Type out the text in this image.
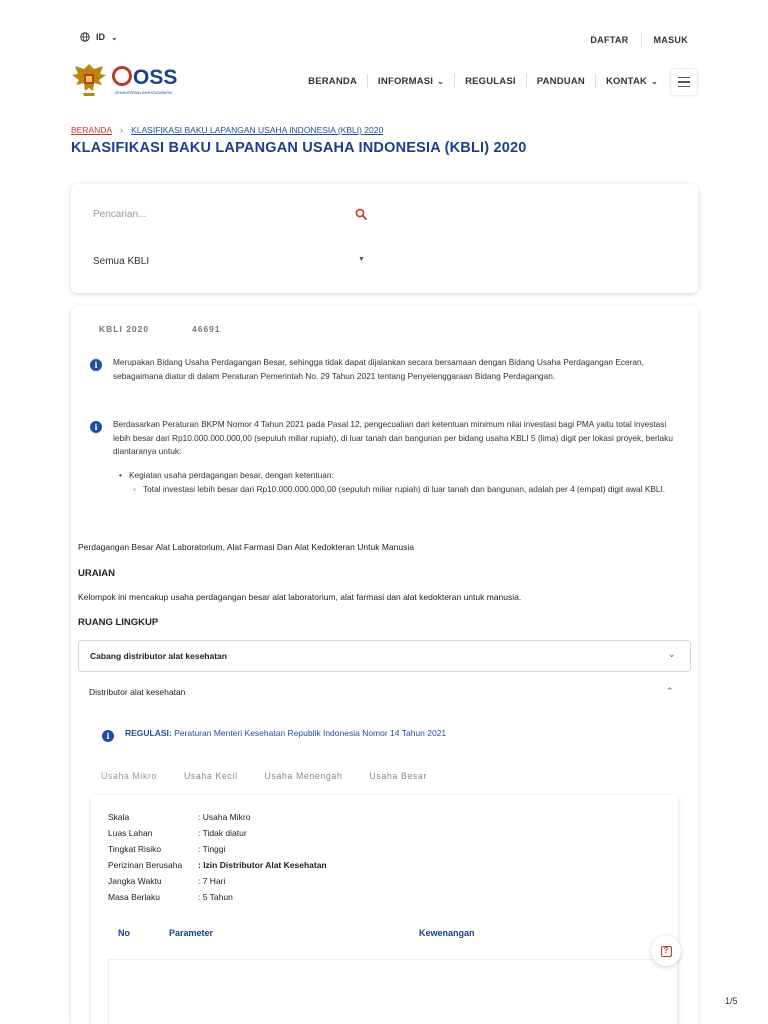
ID ⌄	DAFTAR	MASUK
OSS
KEMENTERIAN INVESTASI/BKPM
BERANDA INFORMASI ⌄ REGULASI PANDUAN KONTAK ⌄
BERANDA › KLASIFIKASI BAKU LAPANGAN USAHA INDONESIA (KBLI) 2020
KLASIFIKASI BAKU LAPANGAN USAHA INDONESIA (KBLI) 2020
Pencarian...
Semua KBLI	▼
KBLI 2020	46691
i	Merupakan Bidang Usaha Perdagangan Besar, sehingga tidak dapat dijalankan secara bersamaan dengan Bidang Usaha Perdagangan Eceran, sebagaimana diatur di dalam Peraturan Pemerintah No. 29 Tahun 2021 tentang Penyelenggaraan Bidang Perdagangan.
i	Berdasarkan Peraturan BKPM Nomor 4 Tahun 2021 pada Pasal 12, pengecualian dari ketentuan minimum nilai investasi bagi PMA yaitu total investasi lebih besar dari Rp10.000.000.000,00 (sepuluh miliar rupiah), di luar tanah dan bangunan per bidang usaha KBLI 5 (lima) digit per lokasi proyek, berlaku diantaranya untuk:
• Kegiatan usaha perdagangan besar, dengan ketentuan:
◦ Total investasi lebih besar dari Rp10.000.000.000,00 (sepuluh miliar rupiah) di luar tanah dan bangunan, adalah per 4 (empat) digit awal KBLI.
Perdagangan Besar Alat Laboratorium, Alat Farmasi Dan Alat Kedokteran Untuk Manusia
URAIAN
Kelompok ini mencakup usaha perdagangan besar alat laboratorium, alat farmasi dan alat kedokteran untuk manusia.
RUANG LINGKUP
Cabang distributor alat kesehatan	⌄
Distributor alat kesehatan	⌃
i	REGULASI: Peraturan Menteri Kesehatan Republik Indonesia Nomor 14 Tahun 2021
Usaha Mikro	Usaha Kecil	Usaha Menengah	Usaha Besar
Skala	: Usaha Mikro
Luas Lahan	: Tidak diatur
Tingkat Risiko	: Tinggi
Perizinan Berusaha	: Izin Distributor Alat Kesehatan
Jangka Waktu	: 7 Hari
Masa Berlaku	: 5 Tahun
No	Parameter	Kewenangan
?
1/5
